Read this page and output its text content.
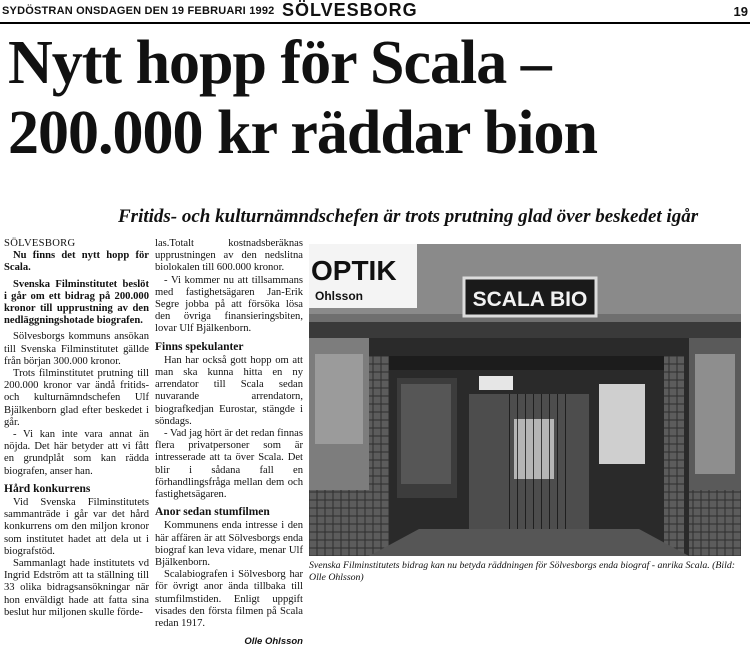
SYDÖSTRAN ONSDAGEN DEN 19 FEBRUARI 1992 SÖLVESBORG	19
Nytt hopp för Scala –
200.000 kr räddar bion
Fritids- och kulturnämndschefen är trots prutning glad över beskedet igår

SÖLVESBORG

Nu finns det nytt hopp för Scala.

Svenska Filminstitutet beslöt i går om ett bidrag på 200.000 kronor till upprustning av den nedläggningshotade biografen.

Sölvesborgs kommuns ansökan till Svenska Filminstitutet gällde från början 300.000 kronor.

Trots filminstitutet prutning till 200.000 kronor var ändå fritids- och kulturnämndschefen Ulf Bjälkenborn glad efter beskedet i går.

- Vi kan inte vara annat än nöjda. Det här betyder att vi fått en grundplåt som kan rädda biografen, anser han.

Hård konkurrens

Vid Svenska Filminstitutets sammanträde i går var det hård konkurrens om den miljon kronor som institutet hadet att dela ut i biografstöd.

Sammanlagt hade institutets vd Ingrid Edström att ta ställning till 33 olika bidragsansökningar när hon enväldigt hade att fatta sina beslut hur miljonen skulle förde-

las.Totalt kostnadsberäknas upprustningen av den nedslitna biolokalen till 600.000 kronor.

- Vi kommer nu att tillsammans med fastighetsägaren Jan-Erik Segre jobba på att försöka lösa den övriga finansieringsbiten, lovar Ulf Bjälkenborn.

Finns spekulanter

Han har också gott hopp om att man ska kunna hitta en ny arrendator till Scala sedan nuvarande arrendatorn, biografkedjan Eurostar, stängde i söndags.

- Vad jag hört är det redan finnas flera privatpersoner som är intresserade att ta över Scala. Det blir i sådana fall en förhandlingsfråga mellan dem och fastighetsägaren.

Anor sedan stumfilmen

Kommunens enda intresse i den här affären är att Sölvesborgs enda biograf kan leva vidare, menar Ulf Bjälkenborn.

Scalabiografen i Sölvesborg har för övrigt anor ända tillbaka till stumfilmstiden. Enligt uppgift visades den första filmen på Scala redan 1917.

Olle Ohlsson
OPTIK
Ohlsson	SCALA BIO
Svenska Filminstitutets bidrag kan nu betyda räddningen för Sölvesborgs enda biograf - anrika Scala. (Bild: Olle Ohlsson)
